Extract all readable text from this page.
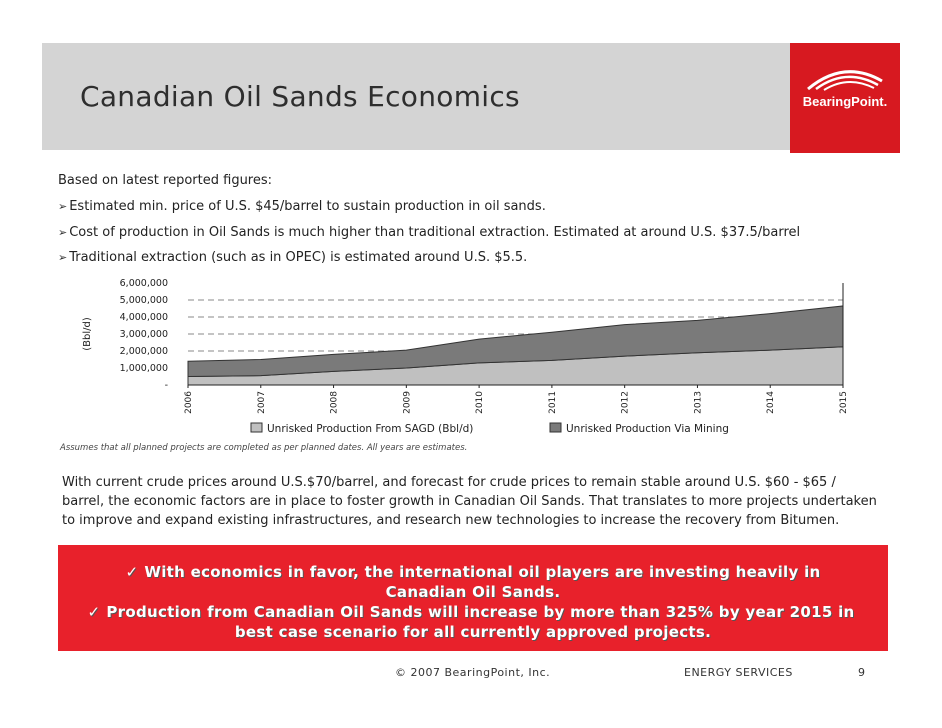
Canadian Oil Sands Economics	BearingPoint.
Based on latest reported figures:
➢ Estimated min. price of U.S. $45/barrel to sustain production in oil sands.
➢ Cost of production in Oil Sands is much higher than traditional extraction. Estimated at around U.S. $37.5/barrel
➢ Traditional extraction (such as in OPEC) is estimated around U.S. $5.5.
6,000,000
5,000,000
4,000,000
3,000,000
2,000,000
1,000,000
-
2006	2007	2008	2009	2010	2011	2012	2013	2014	2015
(Bbl/d)
Unrisked Production From SAGD (Bbl/d)	Unrisked Production Via Mining
Assumes that all planned projects are completed as per planned dates. All years are estimates.
With current crude prices around U.S.$70/barrel, and forecast for crude prices to remain stable around U.S. $60 - $65 / barrel, the economic factors are in place to foster growth in Canadian Oil Sands. That translates to more projects undertaken to improve and expand existing infrastructures, and research new technologies to increase the recovery from Bitumen.
✓ With economics in favor, the international oil players are investing heavily in
Canadian Oil Sands.
✓ Production from Canadian Oil Sands will increase by more than 325% by year 2015 in
best case scenario for all currently approved projects.
© 2007 BearingPoint, Inc.	ENERGY SERVICES	9
